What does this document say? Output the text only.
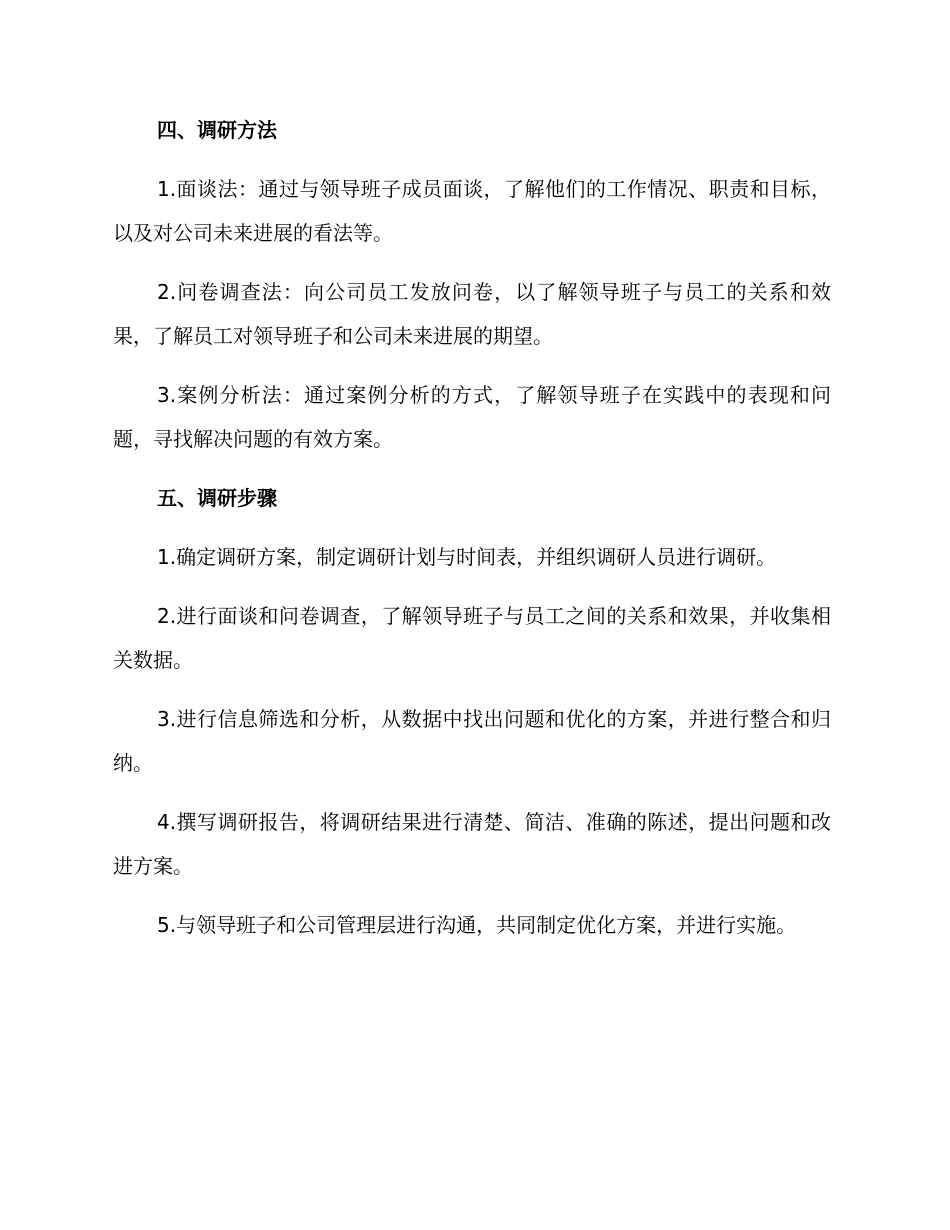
四、调研方法

1.面谈法：通过与领导班子成员面谈，了解他们的工作情况、职责和目标，以及对公司未来进展的看法等。

2.问卷调查法：向公司员工发放问卷，以了解领导班子与员工的关系和效果，了解员工对领导班子和公司未来进展的期望。

3.案例分析法：通过案例分析的方式，了解领导班子在实践中的表现和问题，寻找解决问题的有效方案。

五、调研步骤

1.确定调研方案，制定调研计划与时间表，并组织调研人员进行调研。

2.进行面谈和问卷调查，了解领导班子与员工之间的关系和效果，并收集相关数据。

3.进行信息筛选和分析，从数据中找出问题和优化的方案，并进行整合和归纳。

4.撰写调研报告，将调研结果进行清楚、简洁、准确的陈述，提出问题和改进方案。

5.与领导班子和公司管理层进行沟通，共同制定优化方案，并进行实施。
